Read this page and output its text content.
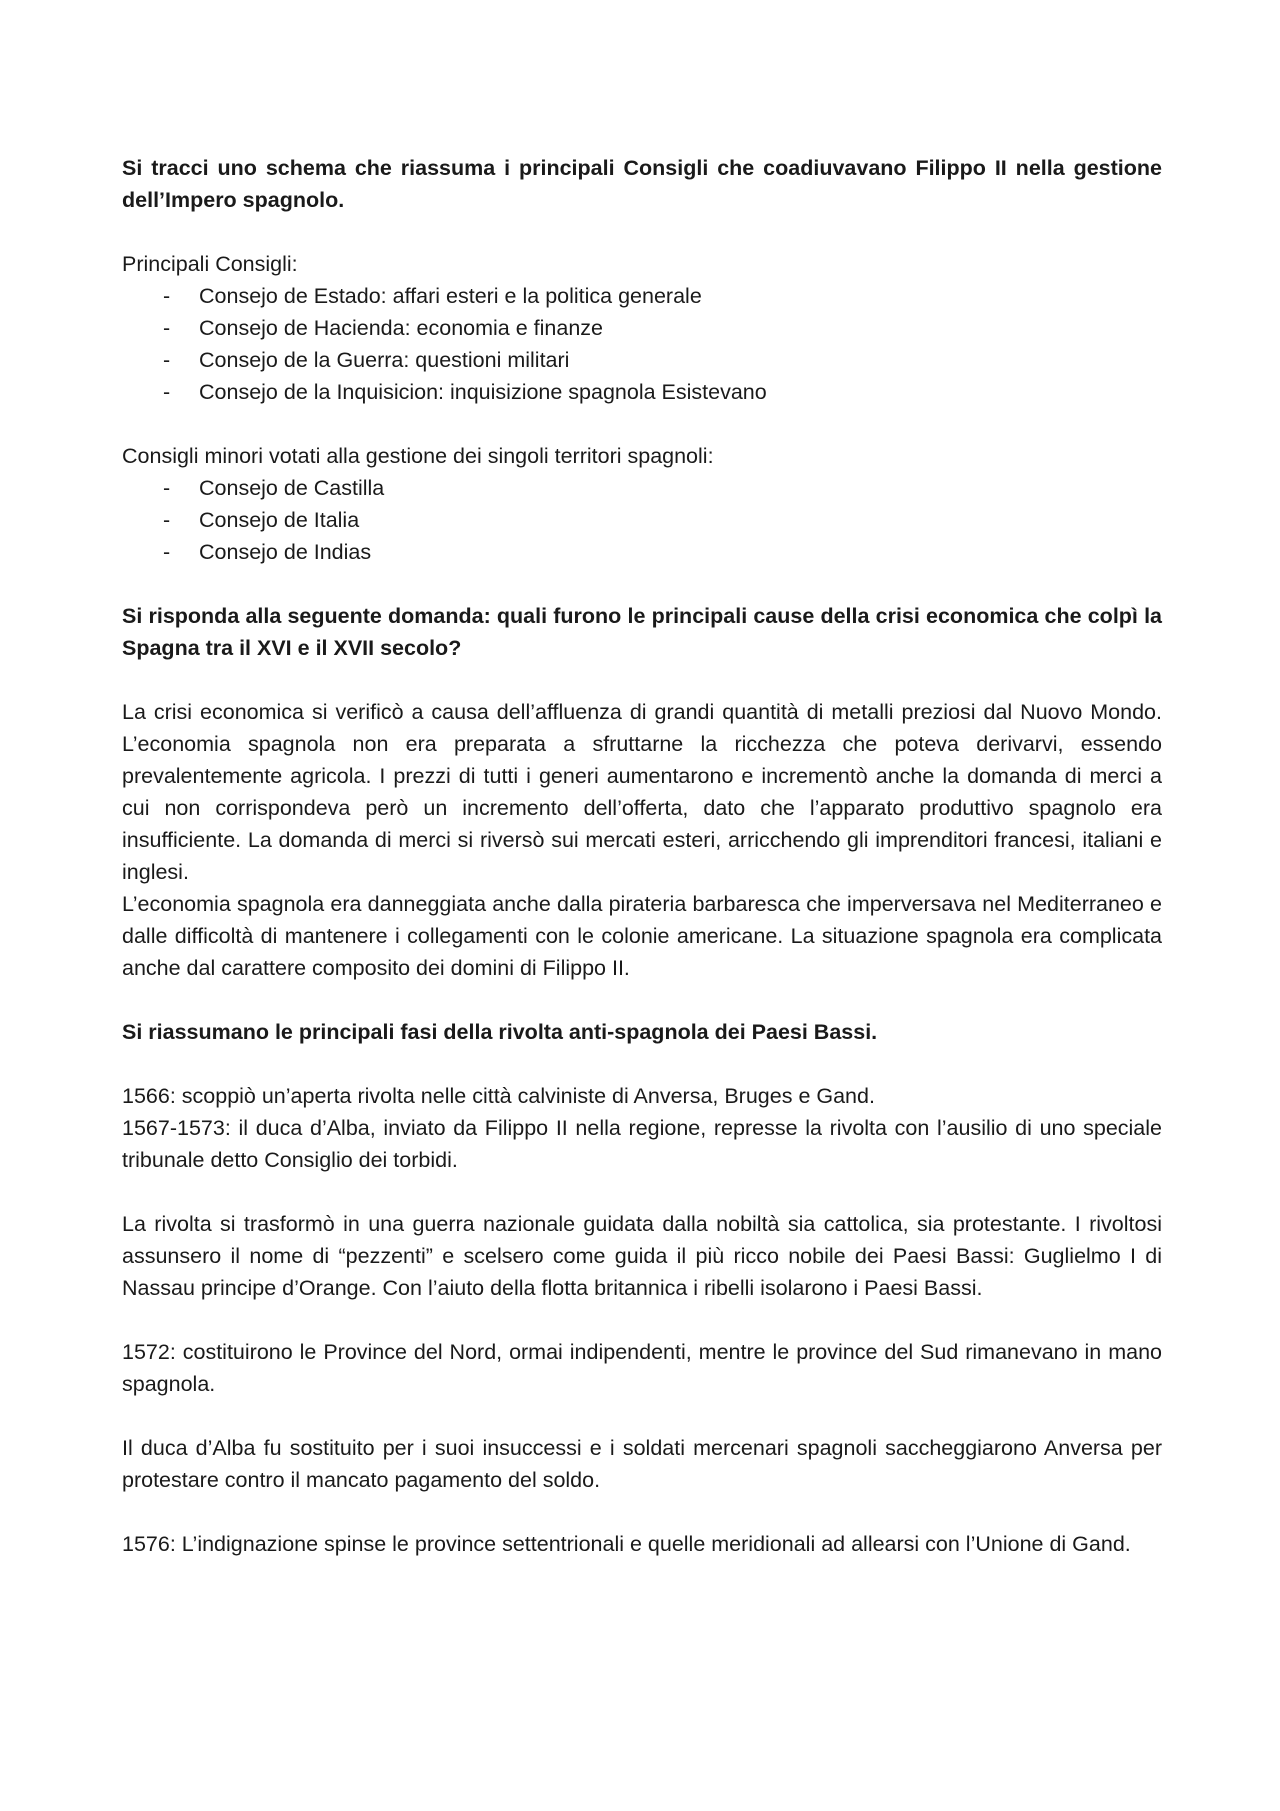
Si tracci uno schema che riassuma i principali Consigli che coadiuvavano Filippo II nella gestione dell’Impero spagnolo.

Principali Consigli:

- Consejo de Estado: affari esteri e la politica generale
- Consejo de Hacienda: economia e finanze
- Consejo de la Guerra: questioni militari
- Consejo de la Inquisicion: inquisizione spagnola Esistevano

Consigli minori votati alla gestione dei singoli territori spagnoli:

- Consejo de Castilla
- Consejo de Italia
- Consejo de Indias

Si risponda alla seguente domanda: quali furono le principali cause della crisi economica che colpì la Spagna tra il XVI e il XVII secolo?

La crisi economica si verificò a causa dell’affluenza di grandi quantità di metalli preziosi dal Nuovo Mondo. L’economia spagnola non era preparata a sfruttarne la ricchezza che poteva derivarvi, essendo prevalentemente agricola. I prezzi di tutti i generi aumentarono e incrementò anche la domanda di merci a cui non corrispondeva però un incremento dell’offerta, dato che l’apparato produttivo spagnolo era insufficiente. La domanda di merci si riversò sui mercati esteri, arricchendo gli imprenditori francesi, italiani e inglesi.

L’economia spagnola era danneggiata anche dalla pirateria barbaresca che imperversava nel Mediterraneo e dalle difficoltà di mantenere i collegamenti con le colonie americane. La situazione spagnola era complicata anche dal carattere composito dei domini di Filippo II.

Si riassumano le principali fasi della rivolta anti-spagnola dei Paesi Bassi.

1566: scoppiò un’aperta rivolta nelle città calviniste di Anversa, Bruges e Gand.

1567-1573: il duca d’Alba, inviato da Filippo II nella regione, represse la rivolta con l’ausilio di uno speciale tribunale detto Consiglio dei torbidi.

La rivolta si trasformò in una guerra nazionale guidata dalla nobiltà sia cattolica, sia protestante. I rivoltosi assunsero il nome di “pezzenti” e scelsero come guida il più ricco nobile dei Paesi Bassi: Guglielmo I di Nassau principe d’Orange. Con l’aiuto della flotta britannica i ribelli isolarono i Paesi Bassi.

1572: costituirono le Province del Nord, ormai indipendenti, mentre le province del Sud rimanevano in mano spagnola.

Il duca d’Alba fu sostituito per i suoi insuccessi e i soldati mercenari spagnoli saccheggiarono Anversa per protestare contro il mancato pagamento del soldo.

1576: L’indignazione spinse le province settentrionali e quelle meridionali ad allearsi con l’Unione di Gand.
